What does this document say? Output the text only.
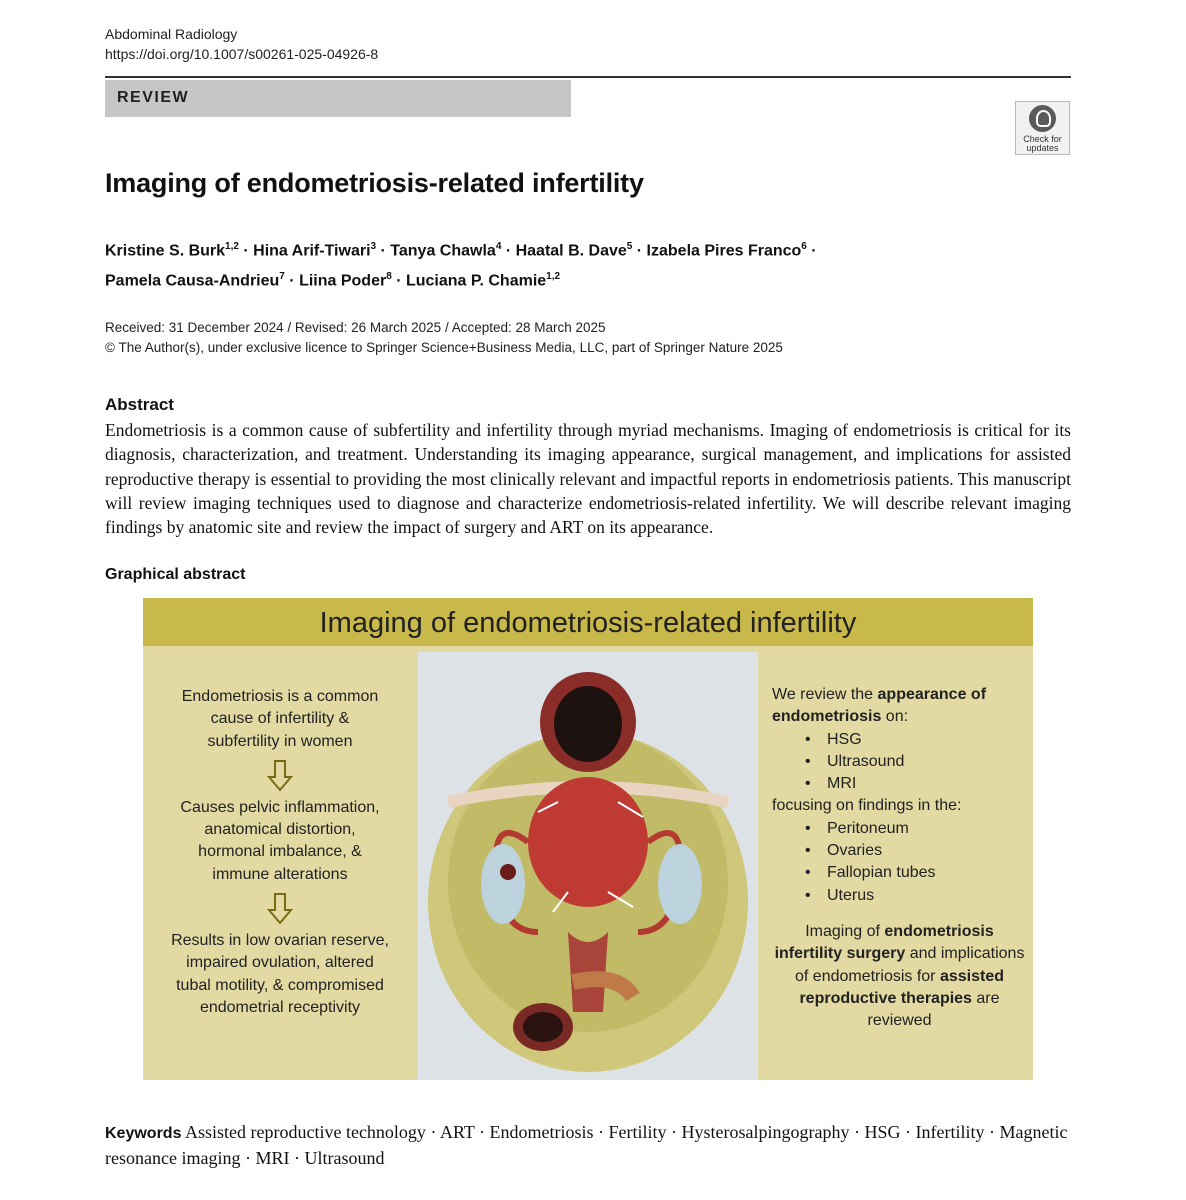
Abdominal Radiology
https://doi.org/10.1007/s00261-025-04926-8
REVIEW
Check for
updates
Imaging of endometriosis-related infertility
Kristine S. Burk$^{1,2}$ · Hina Arif-Tiwari$^3$ · Tanya Chawla$^4$ · Haatal B. Dave$^5$ · Izabela Pires Franco$^6$ ·
Pamela Causa-Andrieu$^7$ · Liina Poder$^8$ · Luciana P. Chamie$^{1,2}$
Received: 31 December 2024 / Revised: 26 March 2025 / Accepted: 28 March 2025
© The Author(s), under exclusive licence to Springer Science+Business Media, LLC, part of Springer Nature 2025
Abstract
Endometriosis is a common cause of subfertility and infertility through myriad mechanisms. Imaging of endometriosis is critical for its diagnosis, characterization, and treatment. Understanding its imaging appearance, surgical management, and implications for assisted reproductive therapy is essential to providing the most clinically relevant and impactful reports in endometriosis patients. This manuscript will review imaging techniques used to diagnose and characterize endometriosis-related infertility. We will describe relevant imaging findings by anatomic site and review the impact of surgery and ART on its appearance.
Graphical abstract
Imaging of endometriosis-related infertility
Endometriosis is a common
cause of infertility &
subfertility in women
Causes pelvic inflammation,
anatomical distortion,
hormonal imbalance, &
immune alterations
Results in low ovarian reserve,
impaired ovulation, altered
tubal motility, & compromised
endometrial receptivity
We review the appearance of endometriosis on:
• HSG
• Ultrasound
• MRI
focusing on findings in the:
• Peritoneum
• Ovaries
• Fallopian tubes
• Uterus
Imaging of endometriosis infertility surgery and implications of endometriosis for assisted reproductive therapies are reviewed
Keywords Assisted reproductive technology · ART · Endometriosis · Fertility · Hysterosalpingography · HSG · Infertility · Magnetic resonance imaging · MRI · Ultrasound
